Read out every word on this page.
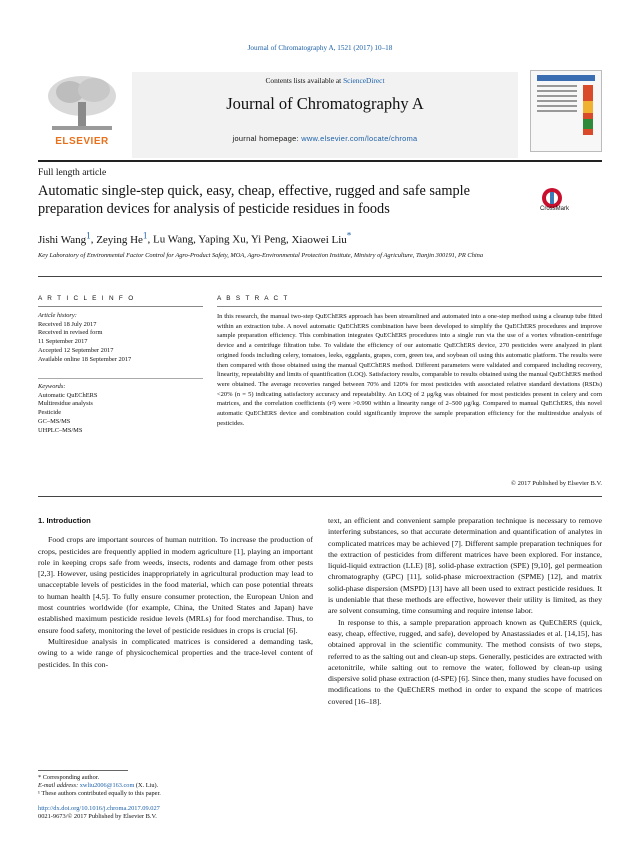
Journal of Chromatography A, 1521 (2017) 10–18
ELSEVIER
Contents lists available at ScienceDirect
Journal of Chromatography A
journal homepage: www.elsevier.com/locate/chroma
Full length article
Automatic single-step quick, easy, cheap, effective, rugged and safe sample preparation devices for analysis of pesticide residues in foods	CrossMark
Jishi Wang$^1$, Zeying He$^1$, Lu Wang, Yaping Xu, Yi Peng, Xiaowei Liu*
Key Laboratory of Environmental Factor Control for Agro-Product Safety, MOA, Agro-Environmental Protection Institute, Ministry of Agriculture, Tianjin 300191, PR China
A R T I C L E I N F O	A B S T R A C T
Article history:
Received 18 July 2017
Received in revised form
11 September 2017
Accepted 12 September 2017
Available online 18 September 2017
Keywords:
Automatic QuEChERS
Multiresidue analysis
Pesticide
GC–MS/MS
UHPLC–MS/MS
In this research, the manual two-step QuEChERS approach has been streamlined and automated into a one-step method using a cleanup tube fitted within an extraction tube. A novel automatic QuEChERS combination have been developed to simplify the QuEChERS procedures and improve sample preparation efficiency. This combination integrates QuEChERS procedures into a single run via the use of a vortex vibration-centrifuge device and a centrifuge filtration tube. To validate the efficiency of our automatic QuEChERS device, 270 pesticides were analyzed in plant origined foods including celery, tomatoes, leeks, eggplants, grapes, corn, green tea, and soybean oil using this automatic platform. The results were then compared with those obtained using the manual QuEChERS method. Different parameters were validated and compared including recovery, linearity, repeatability and limits of quantification (LOQ). Satisfactory results, comparable to results obtained using the manual QuEChERS method were obtained. The average recoveries ranged between 70% and 120% for most pesticides with associated relative standard deviations (RSDs) <20% (n = 5) indicating satisfactory accuracy and repeatability. An LOQ of 2 μg/kg was obtained for most pesticides present in celery and corn matrices, and the correlation coefficients (r²) were >0.990 within a linearity range of 2–500 μg/kg. Compared to manual QuEChERS, this novel automatic QuEChERS device and combination could significantly improve the sample preparation efficiency for the multiresidue analysis of pesticides.
© 2017 Published by Elsevier B.V.

1. Introduction

Food crops are important sources of human nutrition. To increase the production of crops, pesticides are frequently applied in modern agriculture [1], playing an important role in keeping crops safe from weeds, insects, rodents and damage from other pests [2,3]. However, using pesticides inappropriately in agricultural production may lead to unacceptable levels of pesticides in the food material, which can pose potential threats to human health [4,5]. To fully ensure consumer protection, the European Union and most countries worldwide (for example, China, the United States and Japan) have established maximum pesticide residue levels (MRLs) for food merchandise. Thus, to ensure food safety, monitoring the level of pesticide residues in crops is crucial [6].

Multiresidue analysis in complicated matrices is considered a demanding task, owing to a wide range of physicochemical properties and the trace-level content of pesticides. In this con-

text, an efficient and convenient sample preparation technique is necessary to remove interfering substances, so that accurate determination and quantification of analytes in complicated matrices may be achieved [7]. Different sample preparation techniques for the extraction of pesticides from different matrices have been explored. For instance, liquid-liquid extraction (LLE) [8], solid-phase extraction (SPE) [9,10], gel permeation chromatography (GPC) [11], solid-phase microextraction (SPME) [12], and matrix solid-phase dispersion (MSPD) [13] have all been used to extract pesticide residues. It is undeniable that these methods are effective, however their utility is limited, as they are solvent consuming, time consuming and require intense labor.

In response to this, a sample preparation approach known as QuEChERS (quick, easy, cheap, effective, rugged, and safe), developed by Anastassiades et al. [14,15], has obtained approval in the scientific community. The method consists of two steps, referred to as the salting out and clean-up steps. Generally, pesticides are extracted with acetonitrile, while salting out to remove the water, followed by clean-up using dispersive solid phase extraction (d-SPE) [6]. Since then, many studies have focused on modifications to the QuEChERS method in order to expand the scope of matrices covered [16–18].

* Corresponding author.
E-mail address: xwliu2006@163.com (X. Liu).
¹ These authors contributed equally to this paper.
http://dx.doi.org/10.1016/j.chroma.2017.09.027
0021-9673/© 2017 Published by Elsevier B.V.
